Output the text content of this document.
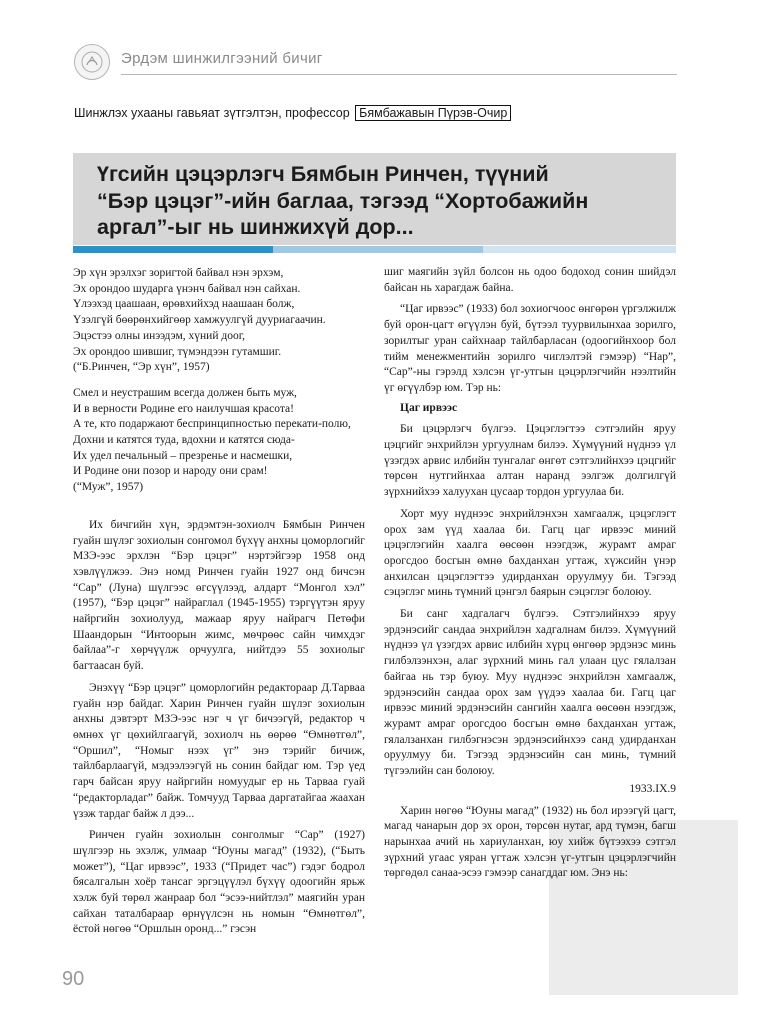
Эрдэм шинжилгээний бичиг
Шинжлэх ухааны гавьяат зүтгэлтэн, профессор Бямбажавын Пүрэв-Очир
Үгсийн цэцэрлэгч Бямбын Ринчен, түүний
“Бэр цэцэг”-ийн баглаа, тэгээд “Хортобажийн
аргал”-ыг нь шинжихүй дор...
Эр хүн эрэлхэг зоригтой байвал нэн эрхэм,
Эх орондоо шударга үнэнч байвал нэн сайхан.
Үлээхэд цаашаан, өрөвхийхэд наашаан болж,
Үзэлгүй бөөрөнхийгөөр хамжуулгүй дууриагаачин.
Эцэстээ олны инээдэм, хүний доог,
Эх орондоо шившиг, түмэндээн гутамшиг.
(“Б.Ринчен, “Эр хүн”, 1957)
Смел и неустрашим всегда должен быть муж,
И в верности Родине его наилучшая красота!
А те, кто подаржают беспринципностью перекати-полю,
Дохни и катятся туда, вдохни и катятся сюда-
Их удел печальный – презренье и насмешки,
И Родине они позор и народу они срам!
(“Муж”, 1957)

Их бичгийн хүн, эрдэмтэн-зохиолч Бямбын Ринчен гуайн шүлэг зохиолын сонгомол бүхүү анхны цоморлогийг МЗЭ-ээс эрхлэн “Бэр цэцэг” нэртэйгээр 1958 онд хэвлүүлжээ. Энэ номд Ринчен гуайн 1927 онд бичсэн “Сар” (Луна) шүлгээс өгсүүлээд, алдарт “Монгол хэл” (1957), “Бэр цэцэг” найраглал (1945-1955) тэргүүтэн яруу найргийн зохиолууд, мажаар яруу найрагч Петөфи Шаандорын “Интоорын жимс, мөчрөөс сайн чимхдэг байлаа”-г хөрчүүлж орчуулга, нийтдээ 55 зохиолыг багтаасан буй.

Энэхүү “Бэр цэцэг” цоморлогийн редактораар Д.Тарваа гуайн нэр байдаг. Харин Ринчен гуайн шүлэг зохиолын анхны дэвтэрт МЗЭ-ээс нэг ч үг бичээгүй, редактор ч өмнөх үг цөхийлгаагүй, зохиолч нь өөрөө “Өмнөтгөл”, “Оршил”, “Номыг нээх үг” энэ тэрийг бичиж, тайлбарлаагүй, мэдээлээгүй нь сонин байдаг юм. Тэр үед гарч байсан яруу найргийн номуудыг ер нь Тарваа гуай “редакторладаг” байж. Томчууд Тарваа даргатайгаа жаахан үзэж тардаг байж л дээ...

Ринчен гуайн зохиолын сонголмыг “Сар” (1927) шүлгээр нь эхэлж, улмаар “Юуны магад” (1932), (“Быть может”), “Цаг ирвээс”, 1933 (“Придет час”) гэдэг бодрол бясалгалын хоёр тансаг эргэцүүлэл бүхүү одоогийн ярьж хэлж буй төрөл жанраар бол “эсээ-нийтлэл” маягийн уран сайхан таталбараар өрнүүлсэн нь номын “Өмнөтгөл”, ёстой нөгөө “Оршлын оронд...” гэсэн

шиг маягийн зүйл болсон нь одоо бодоход сонин шийдэл байсан нь харагдаж байна.

“Цаг ирвээс” (1933) бол зохиогчоос өнгөрөн үргэлжилж буй орон-цагт өгүүлэн буй, бүтээл туурвилынхаа зорилго, зорилтыг уран сайхнаар тайлбарласан (одоогийнхоор бол тийм менежментийн зорилго чиглэлтэй гэмээр) “Нар”, “Сар”-ны гэрэлд хэлсэн үг-утгын цэцэрлэгчийн нээлтийн үг өгүүлбэр юм. Тэр нь:

Цаг ирвээс

Би цэцэрлэгч бүлгээ. Цэцэглэгтээ сэтгэлийн яруу цэцгийг энхрийлэн ургуулнам билээ. Хүмүүний нүднээ үл үзэгдэх арвис илбийн тунгалаг өнгөт сэтгэлийнхээ цэцгийг төрсөн нутгийнхаа алтан наранд ээлгэж долгилгүй зүрхнийхээ халуухан цусаар тордон ургуулаа би.

Хорт муу нүднээс энхрийлэнхэн хамгаалж, цэцэглэгт орох зам үүд хаалаа би. Гагц цаг ирвээс миний цэцэглэгийн хаалга өөсөөн нээгдэж, журамт амраг орогсдоо босгын өмнө бахданхан угтаж, хүжсийн үнэр анхилсан цэцэглэгтээ удирданхан оруулмуу би. Тэгээд сэцэглэг минь түмний цэнгэл баярын сэцэглэг болоюу.

Би санг хадгалагч бүлгээ. Сэтгэлийнхээ яруу эрдэнэсийг сандаа энхрийлэн хадгалнам билээ. Хүмүүний нүднээ үл үзэгдэх арвис илбийн хүрц өнгөөр эрдэнэс минь гилбэлзэнхэн, алаг зүрхний минь гал улаан цус гялалзан байгаа нь тэр буюу. Муу нүднээс энхрийлэн хамгаалж, эрдэнэсийн сандаа орох зам үүдээ хаалаа би. Гагц цаг ирвээс миний эрдэнэсийн сангийн хаалга өөсөөн нээгдэж, журамт амраг орогсдоо босгын өмнө бахданхан угтаж, гялалзанхан гилбэгнэсэн эрдэнэсийнхээ санд удирданхан оруулмуу би. Тэгээд эрдэнэсийн сан минь, түмний түгээлийн сан болоюу.

1933.IX.9

Харин нөгөө “Юуны магад” (1932) нь бол ирээгүй цагт, магад чанарын дор эх орон, төрсөн нутаг, ард түмэн, багш нарынхаа ачий нь хариуланхан, юу хийж бүтээхээ сэтгэл зүрхний угаас уяран үгтаж хэлсэн үг-утгын цэцэрлэгчийн төргөдөл санаа-эсээ гэмээр санагддаг юм. Энэ нь:

90
